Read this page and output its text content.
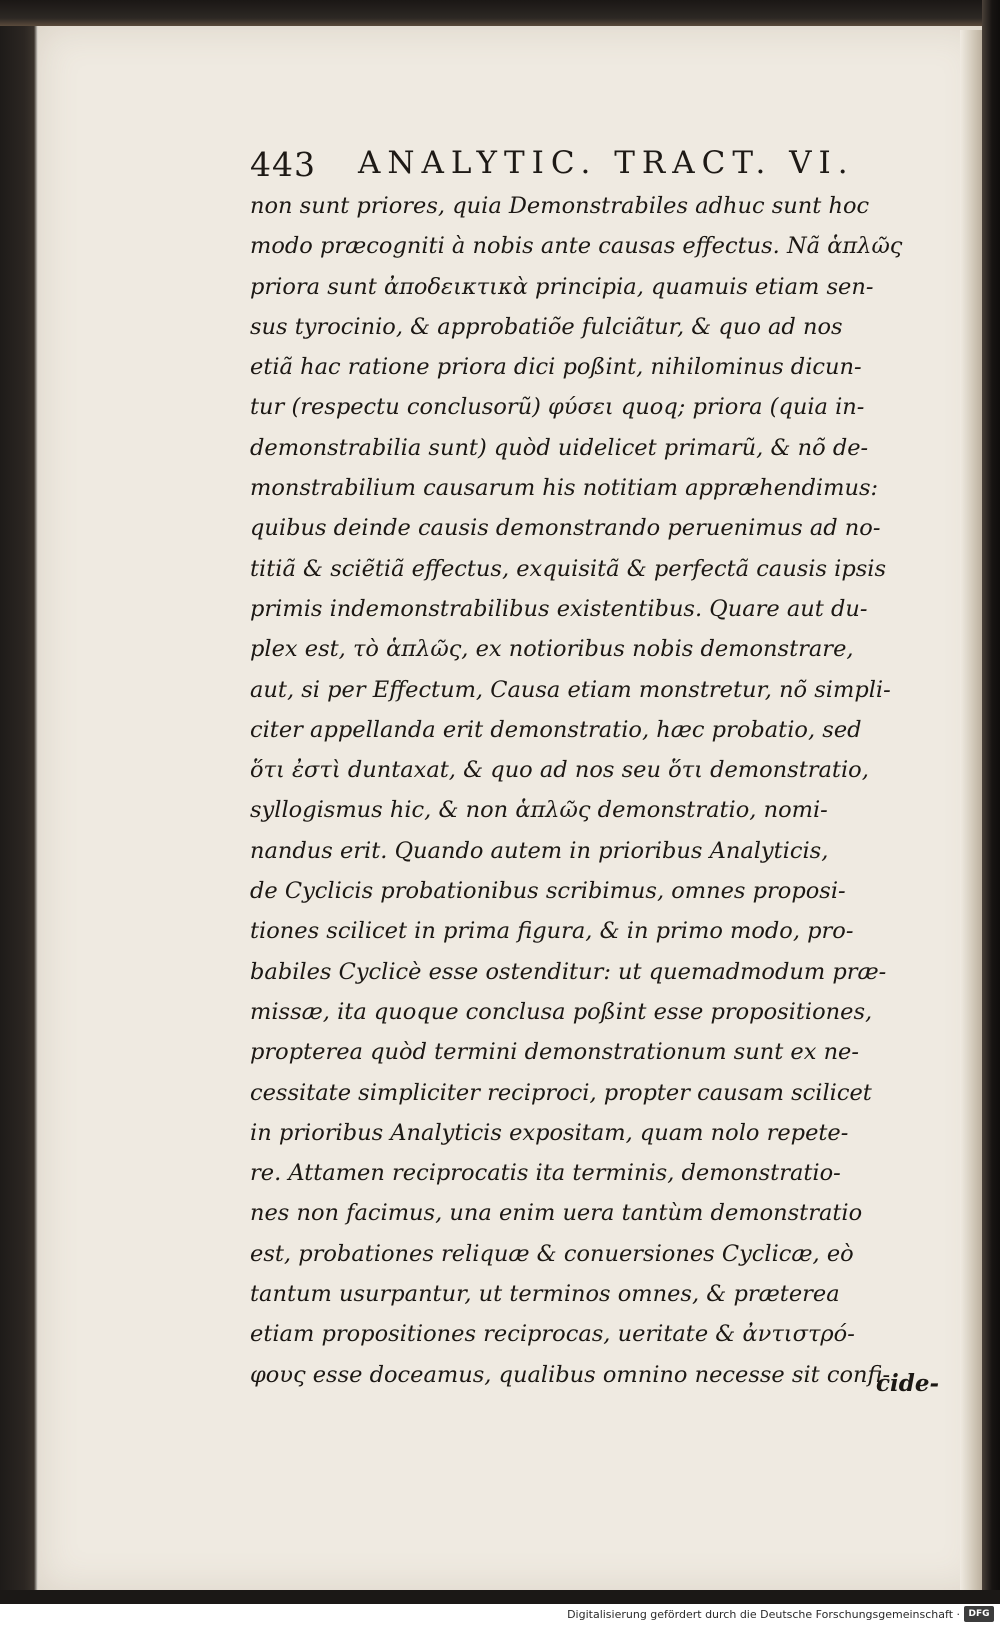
443 ANALYTIC. TRACT. VI.
non sunt priores, quia Demonstrabiles adhuc sunt hoc
modo præcogniti à nobis ante causas effectus. Nã ἁπλῶς
priora sunt ἀποδεικτικὰ principia, quamuis etiam sen-
sus tyrocinio, & approbatiõe fulciãtur, & quo ad nos
etiã hac ratione priora dici poßint, nihilominus dicun-
tur (respectu conclusorũ) φύσει quoq; priora (quia in-
demonstrabilia sunt) quòd uidelicet primarũ, & nõ de-
monstrabilium causarum his notitiam appræhendimus:
quibus deinde causis demonstrando peruenimus ad no-
titiã & sciẽtiã effectus, exquisitã & perfectã causis ipsis
primis indemonstrabilibus existentibus. Quare aut du-
plex est, τὸ ἁπλῶς, ex notioribus nobis demonstrare,
aut, si per Effectum, Causa etiam monstretur, nõ simpli-
citer appellanda erit demonstratio, hæc probatio, sed
ὅτι ἐστὶ duntaxat, & quo ad nos seu ὅτι demonstratio,
syllogismus hic, & non ἁπλῶς demonstratio, nomi-
nandus erit. Quando autem in prioribus Analyticis,
de Cyclicis probationibus scribimus, omnes proposi-
tiones scilicet in prima figura, & in primo modo, pro-
babiles Cyclicè esse ostenditur: ut quemadmodum præ-
missæ, ita quoque conclusa poßint esse propositiones,
propterea quòd termini demonstrationum sunt ex ne-
cessitate simpliciter reciproci, propter causam scilicet
in prioribus Analyticis expositam, quam nolo repete-
re. Attamen reciprocatis ita terminis, demonstratio-
nes non facimus, una enim uera tantùm demonstratio
est, probationes reliquæ & conuersiones Cyclicæ, eò
tantum usurpantur, ut terminos omnes, & præterea
etiam propositiones reciprocas, ueritate & ἀντιστρό-
φους esse doceamus, qualibus omnino necesse sit confi-
cide-
Digitalisierung gefördert durch die Deutsche Forschungsgemeinschaft · DFG
